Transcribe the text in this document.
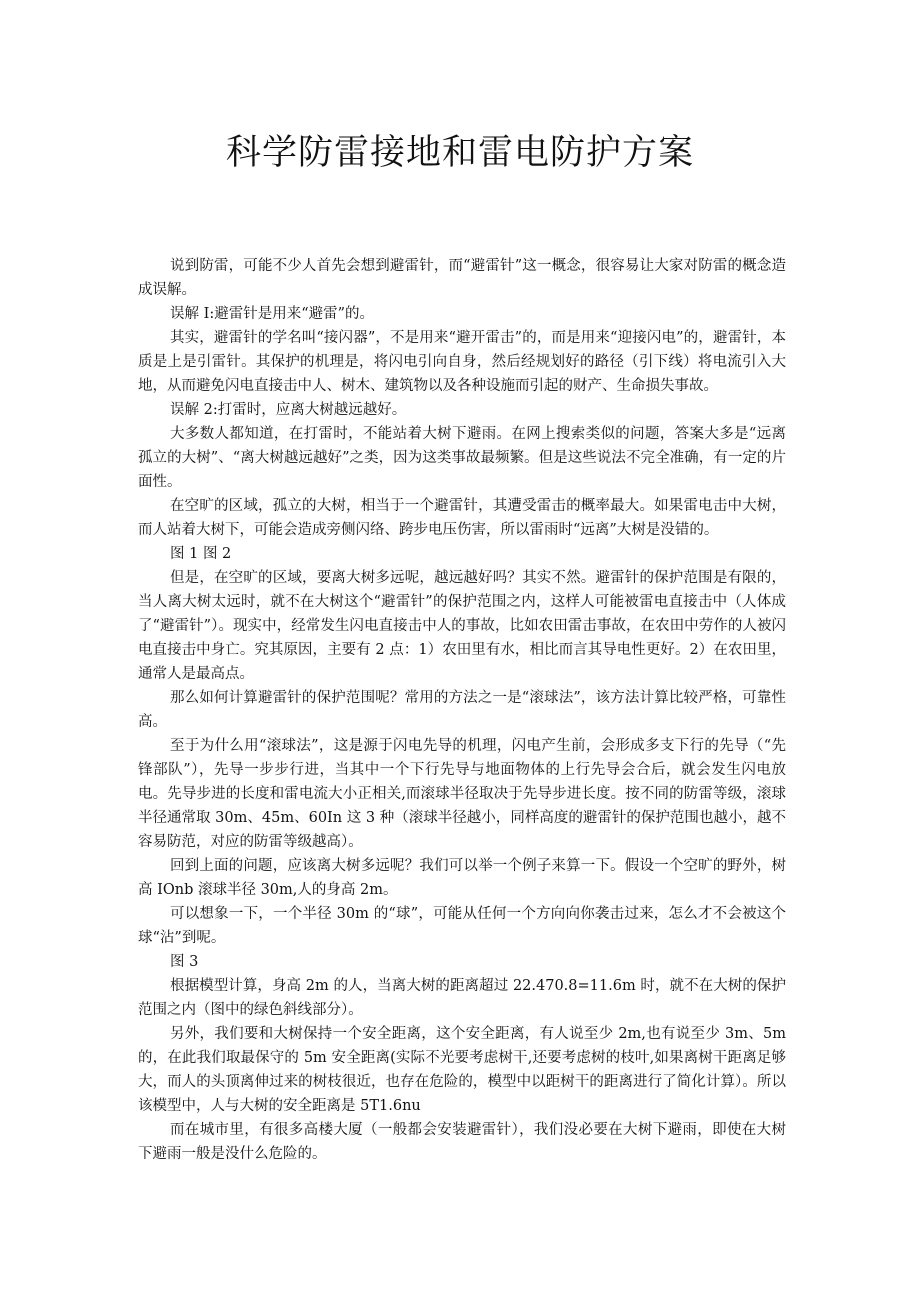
科学防雷接地和雷电防护方案

说到防雷，可能不少人首先会想到避雷针，而“避雷针”这一概念，很容易让大家对防雷的概念造成误解。

误解 I:避雷针是用来“避雷”的。

其实，避雷针的学名叫“接闪器”，不是用来“避开雷击”的，而是用来“迎接闪电”的，避雷针，本质是上是引雷针。其保护的机理是，将闪电引向自身，然后经规划好的路径（引下线）将电流引入大地，从而避免闪电直接击中人、树木、建筑物以及各种设施而引起的财产、生命损失事故。

误解 2:打雷时，应离大树越远越好。

大多数人都知道，在打雷时，不能站着大树下避雨。在网上搜索类似的问题，答案大多是“远离孤立的大树”、“离大树越远越好”之类，因为这类事故最频繁。但是这些说法不完全准确，有一定的片面性。

在空旷的区域，孤立的大树，相当于一个避雷针，其遭受雷击的概率最大。如果雷电击中大树，而人站着大树下，可能会造成旁侧闪络、跨步电压伤害，所以雷雨时“远离”大树是没错的。

图 1 图 2

但是，在空旷的区域，要离大树多远呢，越远越好吗？其实不然。避雷针的保护范围是有限的，当人离大树太远时，就不在大树这个“避雷针”的保护范围之内，这样人可能被雷电直接击中（人体成了“避雷针”）。现实中，经常发生闪电直接击中人的事故，比如农田雷击事故，在农田中劳作的人被闪电直接击中身亡。究其原因，主要有 2 点：1）农田里有水，相比而言其导电性更好。2）在农田里，通常人是最高点。

那么如何计算避雷针的保护范围呢？常用的方法之一是“滚球法”，该方法计算比较严格，可靠性高。

至于为什么用“滚球法”，这是源于闪电先导的机理，闪电产生前，会形成多支下行的先导（“先锋部队”），先导一步步行进，当其中一个下行先导与地面物体的上行先导会合后，就会发生闪电放电。先导步进的长度和雷电流大小正相关,而滚球半径取决于先导步进长度。按不同的防雷等级，滚球半径通常取 30m、45m、60In 这 3 种（滚球半径越小，同样高度的避雷针的保护范围也越小，越不容易防范，对应的防雷等级越高）。

回到上面的问题，应该离大树多远呢？我们可以举一个例子来算一下。假设一个空旷的野外，树高 IOnb 滚球半径 30m,人的身高 2m。

可以想象一下，一个半径 30m 的“球”，可能从任何一个方向向你袭击过来，怎么才不会被这个球“沾”到呢。

图 3

根据模型计算，身高 2m 的人，当离大树的距离超过 22.470.8=11.6m 时，就不在大树的保护范围之内（图中的绿色斜线部分）。

另外，我们要和大树保持一个安全距离，这个安全距离，有人说至少 2m,也有说至少 3m、5m 的，在此我们取最保守的 5m 安全距离(实际不光要考虑树干,还要考虑树的枝叶,如果离树干距离足够大，而人的头顶离伸过来的树枝很近，也存在危险的，模型中以距树干的距离进行了简化计算）。所以该模型中，人与大树的安全距离是 5T1.6nu

而在城市里，有很多高楼大厦（一般都会安装避雷针），我们没必要在大树下避雨，即使在大树下避雨一般是没什么危险的。
